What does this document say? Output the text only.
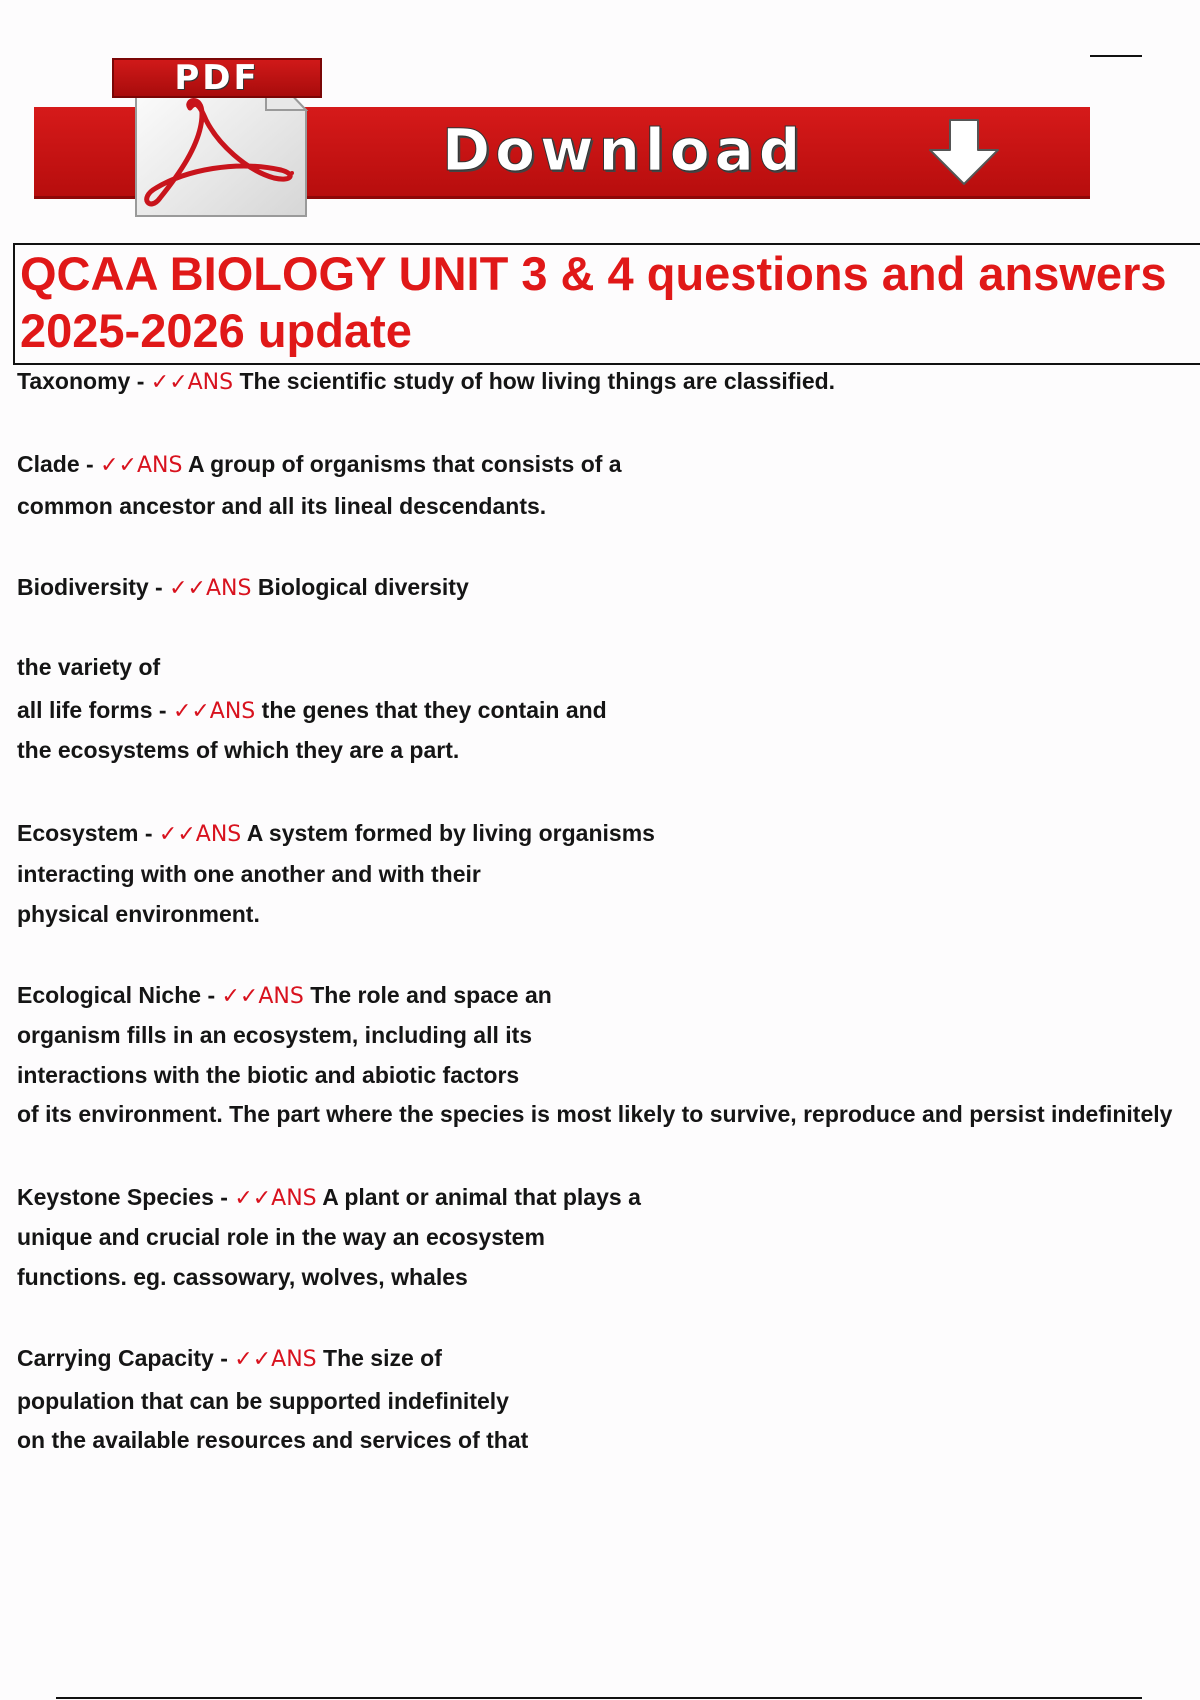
PDF
Download
QCAA BIOLOGY UNIT 3 & 4 questions and answers
2025-2026 update
Taxonomy - ✓✓ANS The scientific study of how living things are classified.
Clade - ✓✓ANS A group of organisms that consists of a
common ancestor and all its lineal descendants.
Biodiversity - ✓✓ANS Biological diversity
the variety of
all life forms - ✓✓ANS the genes that they contain and
the ecosystems of which they are a part.
Ecosystem - ✓✓ANS A system formed by living organisms
interacting with one another and with their
physical environment.
Ecological Niche - ✓✓ANS The role and space an
organism fills in an ecosystem, including all its
interactions with the biotic and abiotic factors
of its environment. The part where the species is most likely to survive, reproduce and persist indefinitely
Keystone Species - ✓✓ANS A plant or animal that plays a
unique and crucial role in the way an ecosystem
functions. eg. cassowary, wolves, whales
Carrying Capacity - ✓✓ANS The size of
population that can be supported indefinitely
on the available resources and services of that
